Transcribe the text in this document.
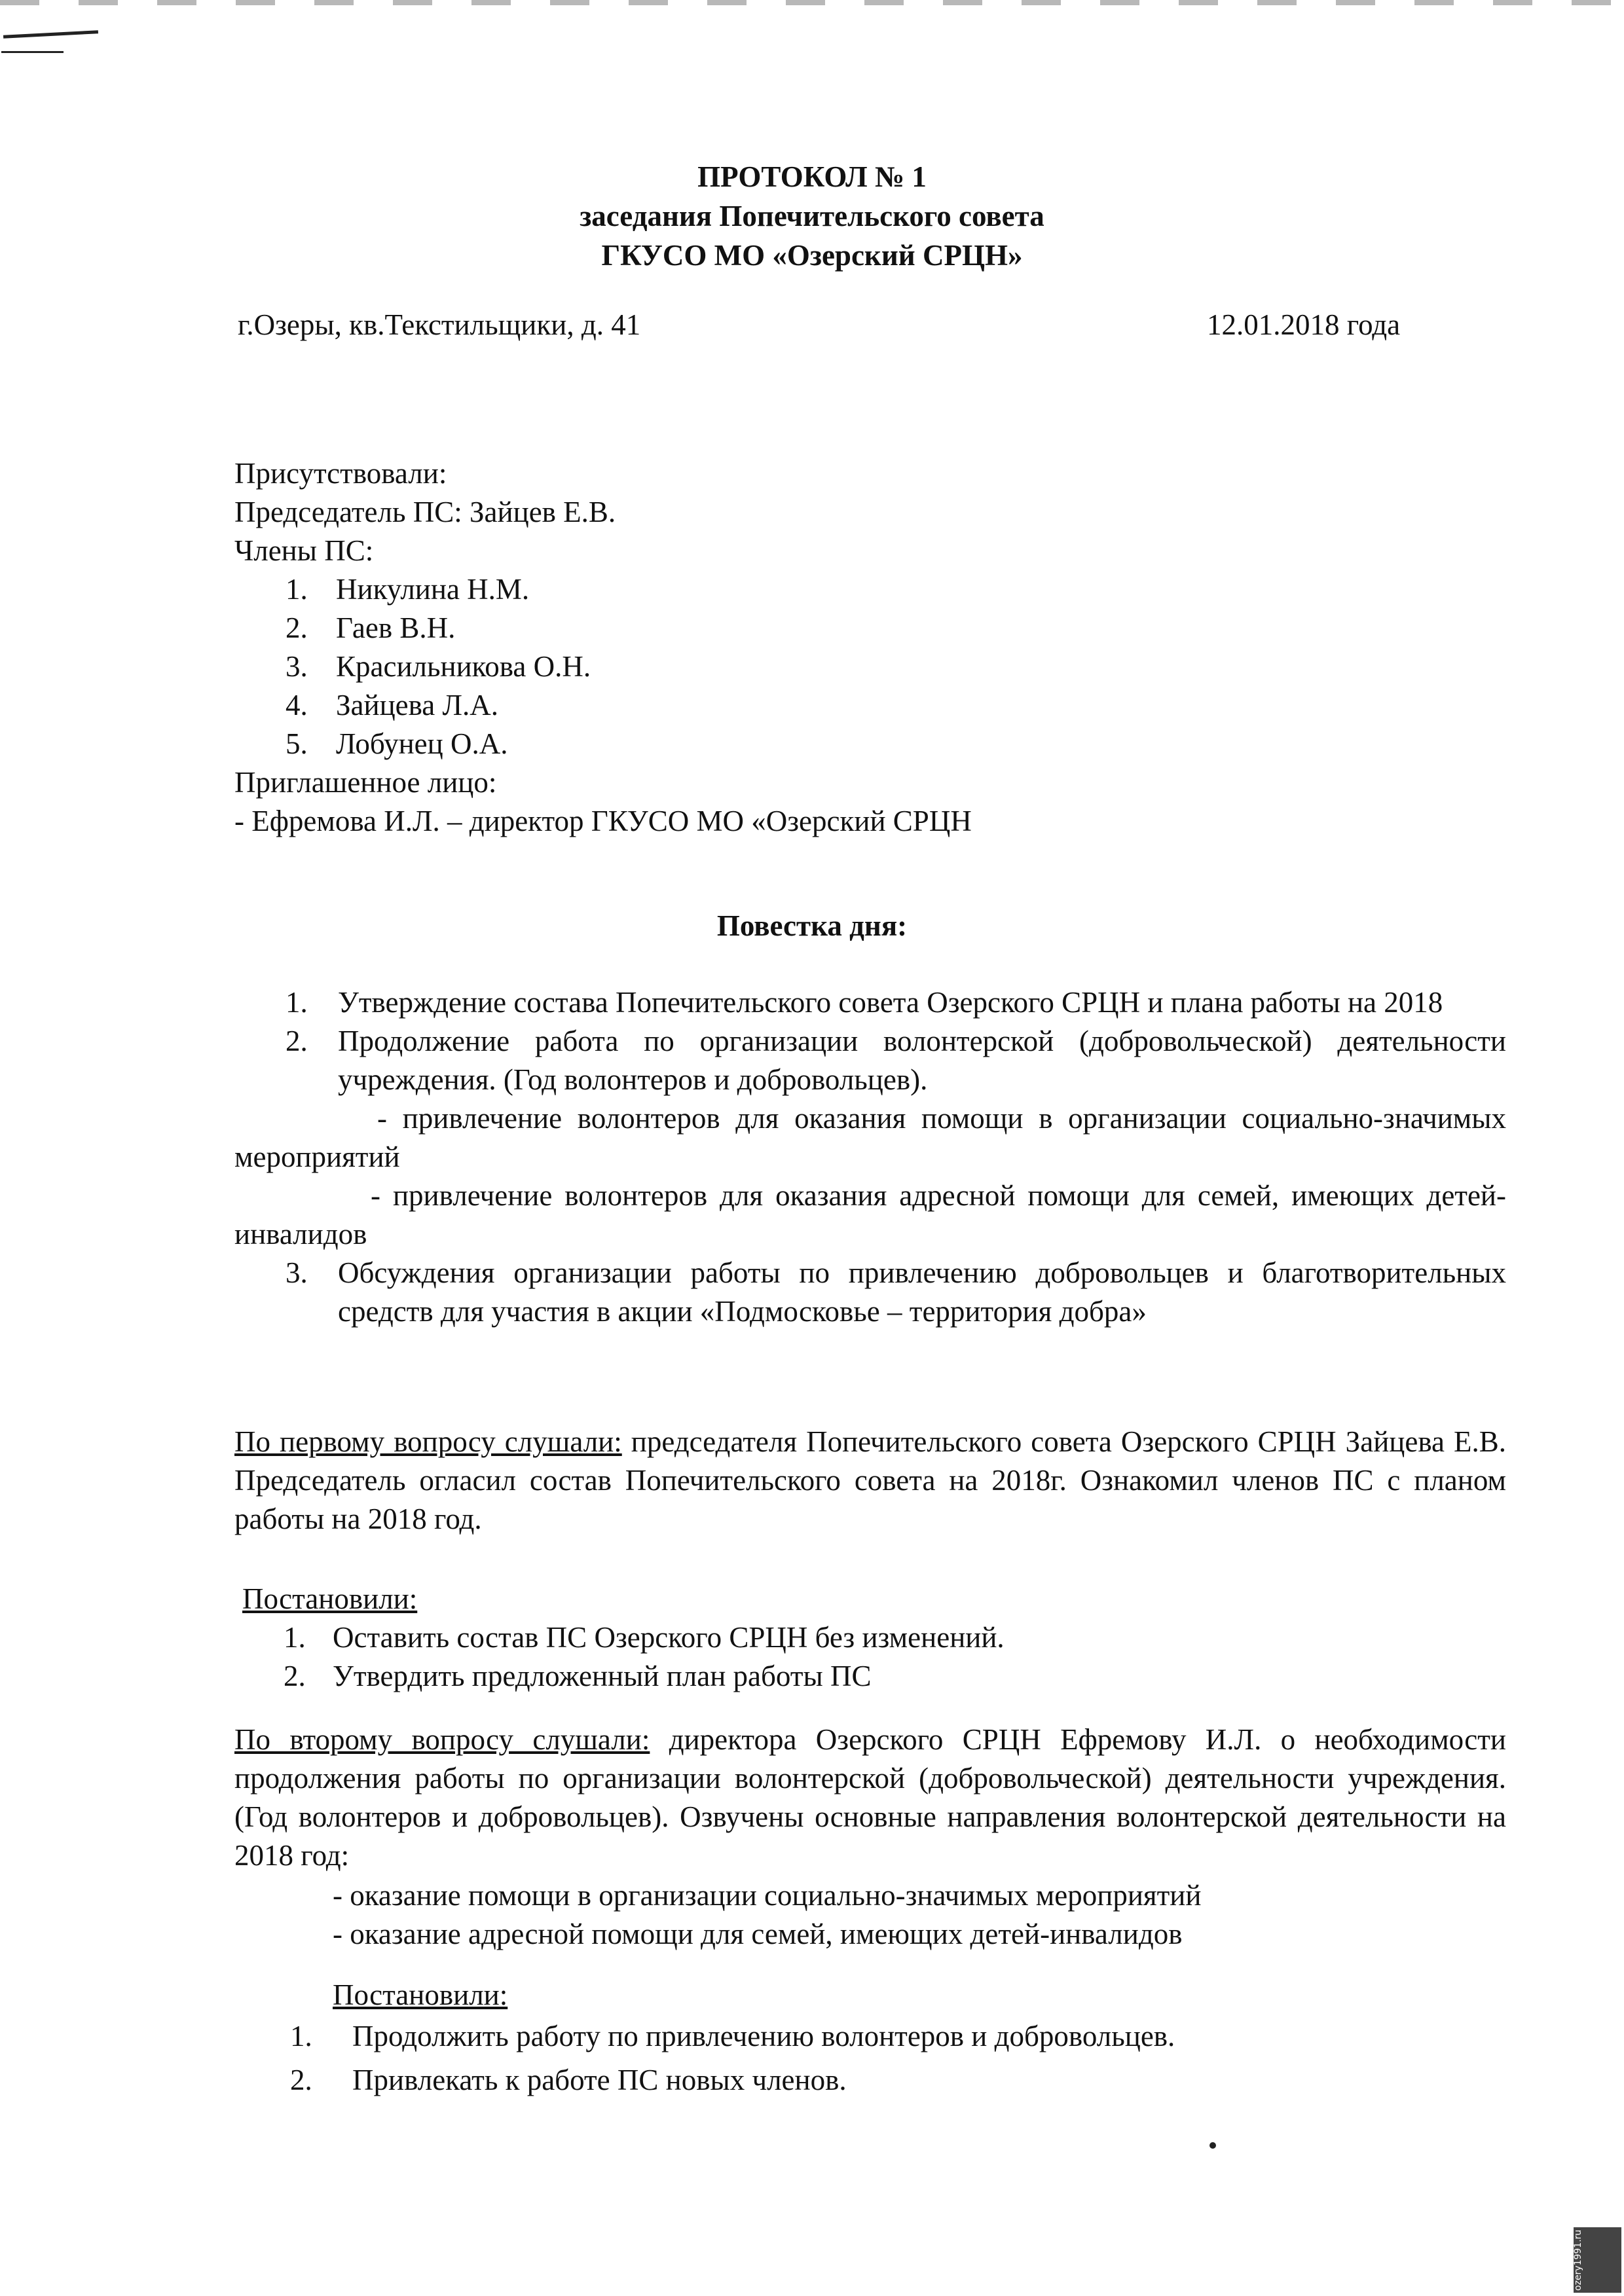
ПРОТОКОЛ № 1
заседания Попечительского совета
ГКУСО МО «Озерский СРЦН»
г.Озеры, кв.Текстильщики, д. 41	12.01.2018 года
Присутствовали:
Председатель ПС: Зайцев Е.В.
Члены ПС:
1. Никулина Н.М.
2. Гаев В.Н.
3. Красильникова О.Н.
4. Зайцева Л.А.
5. Лобунец О.А.
Приглашенное лицо:
- Ефремова И.Л. – директор ГКУСО МО «Озерский СРЦН
Повестка дня:
1. Утверждение состава Попечительского совета Озерского СРЦН и плана работы на 2018
2. Продолжение работа по организации волонтерской (добровольческой) деятельности учреждения. (Год волонтеров и добровольцев).
- привлечение волонтеров для оказания помощи в организации социально-значимых мероприятий
- привлечение волонтеров для оказания адресной помощи для семей, имеющих детей-инвалидов
3. Обсуждения организации работы по привлечению добровольцев и благотворительных средств для участия в акции «Подмосковье – территория добра»
По первому вопросу слушали: председателя Попечительского совета Озерского СРЦН Зайцева Е.В. Председатель огласил состав Попечительского совета на 2018г. Ознакомил членов ПС с планом работы на 2018 год.
Постановили:
1. Оставить состав ПС Озерского СРЦН без изменений.
2. Утвердить предложенный план работы ПС
По второму вопросу слушали: директора Озерского СРЦН Ефремову И.Л. о необходимости продолжения работы по организации волонтерской (добровольческой) деятельности учреждения. (Год волонтеров и добровольцев). Озвучены основные направления волонтерской деятельности на 2018 год:
- оказание помощи в организации социально-значимых мероприятий
- оказание адресной помощи для семей, имеющих детей-инвалидов
Постановили:
1. Продолжить работу по привлечению волонтеров и добровольцев.
2. Привлекать к работе ПС новых членов.
ozery1991.ru
